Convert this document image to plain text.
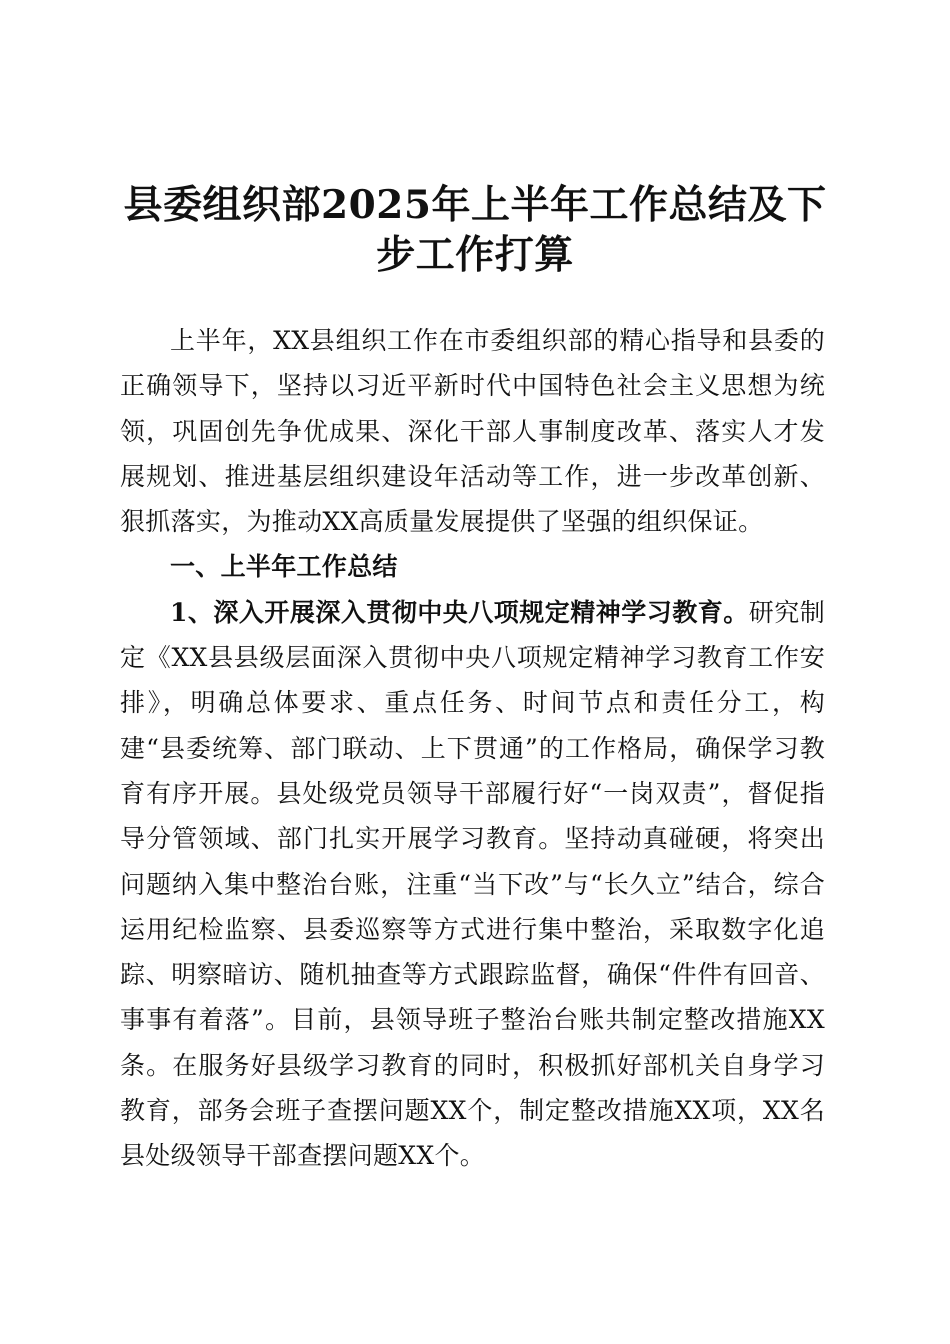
县委组织部2025年上半年工作总结及下步工作打算

上半年，XX县组织工作在市委组织部的精心指导和县委的正确领导下，坚持以习近平新时代中国特色社会主义思想为统领，巩固创先争优成果、深化干部人事制度改革、落实人才发展规划、推进基层组织建设年活动等工作，进一步改革创新、狠抓落实，为推动XX高质量发展提供了坚强的组织保证。

一、上半年工作总结

1、深入开展深入贯彻中央八项规定精神学习教育。研究制定《XX县县级层面深入贯彻中央八项规定精神学习教育工作安排》，明确总体要求、重点任务、时间节点和责任分工，构建“县委统筹、部门联动、上下贯通”的工作格局，确保学习教育有序开展。县处级党员领导干部履行好“一岗双责”，督促指导分管领域、部门扎实开展学习教育。坚持动真碰硬，将突出问题纳入集中整治台账，注重“当下改”与“长久立”结合，综合运用纪检监察、县委巡察等方式进行集中整治，采取数字化追踪、明察暗访、随机抽查等方式跟踪监督，确保“件件有回音、事事有着落”。目前，县领导班子整治台账共制定整改措施XX条。在服务好县级学习教育的同时，积极抓好部机关自身学习教育，部务会班子查摆问题XX个，制定整改措施XX项，XX名县处级领导干部查摆问题XX个。
